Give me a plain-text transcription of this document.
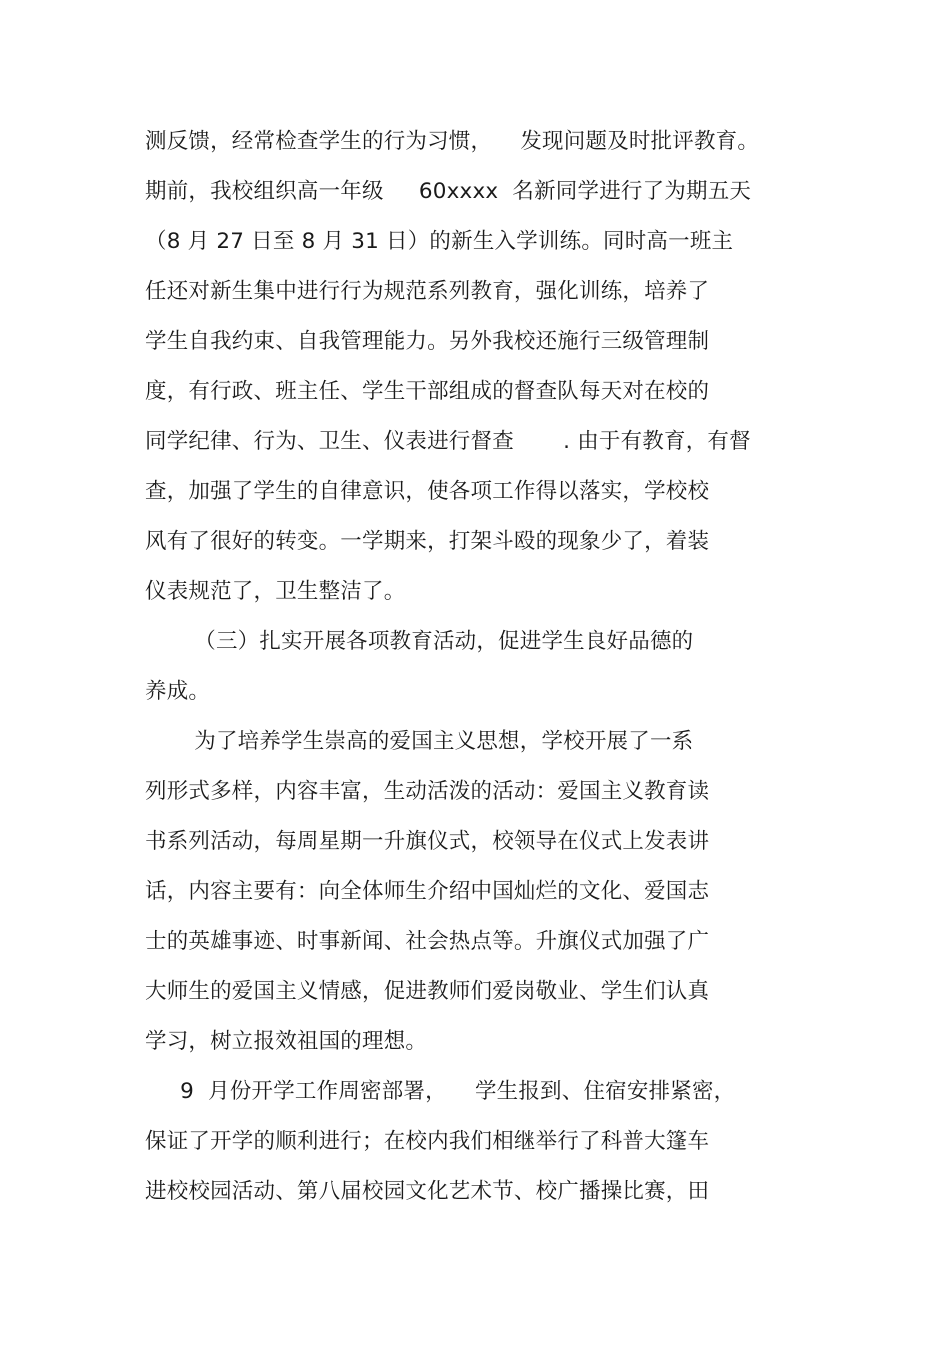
测反馈，经常检查学生的行为习惯，    发现问题及时批评教育。
期前，我校组织高一年级     60xxxx  名新同学进行了为期五天
（8 月 27 日至 8 月 31 日）的新生入学训练。同时高一班主
任还对新生集中进行行为规范系列教育，强化训练，培养了
学生自我约束、自我管理能力。另外我校还施行三级管理制
度，有行政、班主任、学生干部组成的督查队每天对在校的
同学纪律、行为、卫生、仪表进行督查       . 由于有教育，有督
查，加强了学生的自律意识，使各项工作得以落实，学校校
风有了很好的转变。一学期来，打架斗殴的现象少了，着装
仪表规范了，卫生整洁了。
（三）扎实开展各项教育活动，促进学生良好品德的
养成。
为了培养学生崇高的爱国主义思想，学校开展了一系
列形式多样，内容丰富，生动活泼的活动：爱国主义教育读
书系列活动，每周星期一升旗仪式，校领导在仪式上发表讲
话，内容主要有：向全体师生介绍中国灿烂的文化、爱国志
士的英雄事迹、时事新闻、社会热点等。升旗仪式加强了广
大师生的爱国主义情感，促进教师们爱岗敬业、学生们认真
学习，树立报效祖国的理想。
9  月份开学工作周密部署，    学生报到、住宿安排紧密，
保证了开学的顺利进行；在校内我们相继举行了科普大篷车
进校校园活动、第八届校园文化艺术节、校广播操比赛，田
